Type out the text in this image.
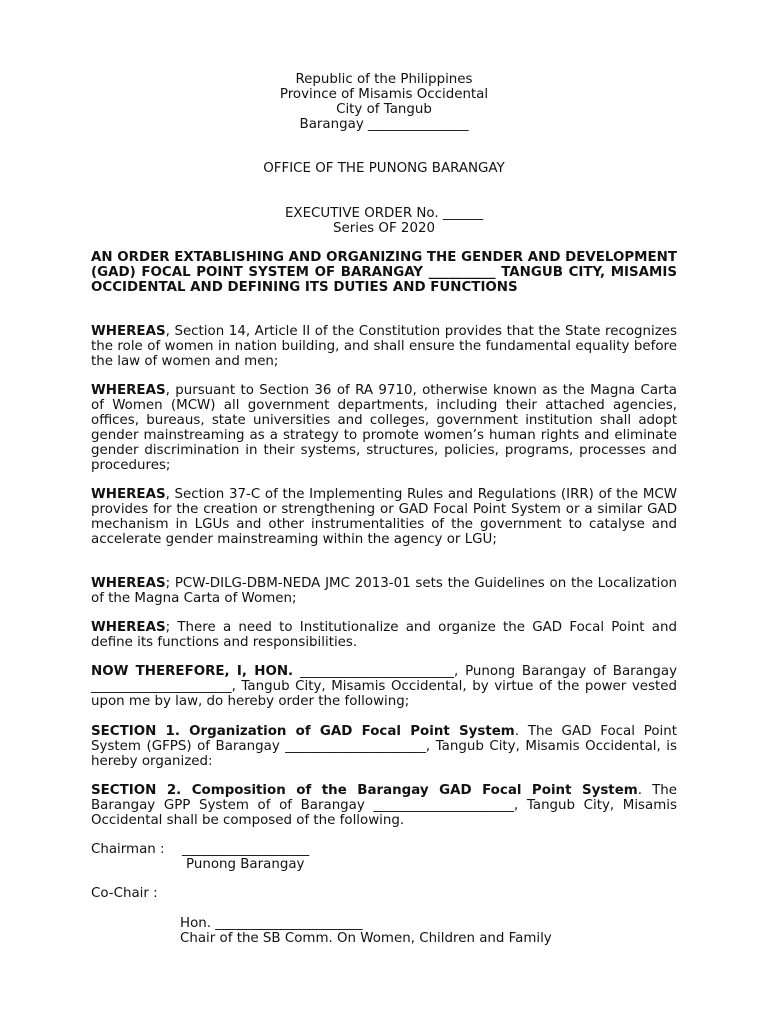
Republic of the Philippines
Province of Misamis Occidental
City of Tangub
Barangay _______________
OFFICE OF THE PUNONG BARANGAY
EXECUTIVE ORDER No. ______
Series OF 2020

AN ORDER EXTABLISHING AND ORGANIZING THE GENDER AND DEVELOPMENT (GAD) FOCAL POINT SYSTEM OF BARANGAY __________ TANGUB CITY, MISAMIS OCCIDENTAL AND DEFINING ITS DUTIES AND FUNCTIONS

WHEREAS, Section 14, Article II of the Constitution provides that the State recognizes the role of women in nation building, and shall ensure the fundamental equality before the law of women and men;

WHEREAS, pursuant to Section 36 of RA 9710, otherwise known as the Magna Carta of Women (MCW) all government departments, including their attached agencies, offices, bureaus, state universities and colleges, government institution shall adopt gender mainstreaming as a strategy to promote women’s human rights and eliminate gender discrimination in their systems, structures, policies, programs, processes and procedures;

WHEREAS, Section 37-C of the Implementing Rules and Regulations (IRR) of the MCW provides for the creation or strengthening or GAD Focal Point System or a similar GAD mechanism in LGUs and other instrumentalities of the government to catalyse and accelerate gender mainstreaming within the agency or LGU;

WHEREAS; PCW-DILG-DBM-NEDA JMC 2013-01 sets the Guidelines on the Localization of the Magna Carta of Women;

WHEREAS; There a need to Institutionalize and organize the GAD Focal Point and define its functions and responsibilities.

NOW THEREFORE, I, HON. _______________________, Punong Barangay of Barangay _____________________, Tangub City, Misamis Occidental, by virtue of the power vested upon me by law, do hereby order the following;

SECTION 1. Organization of GAD Focal Point System. The GAD Focal Point System (GFPS) of Barangay _____________________, Tangub City, Misamis Occidental, is hereby organized:

SECTION 2. Composition of the Barangay GAD Focal Point System. The Barangay GPP System of of Barangay _____________________, Tangub City, Misamis Occidental shall be composed of the following.

Chairman : ___________________
Punong Barangay
Co-Chair :
Hon. ______________________
Chair of the SB Comm. On Women, Children and Family
